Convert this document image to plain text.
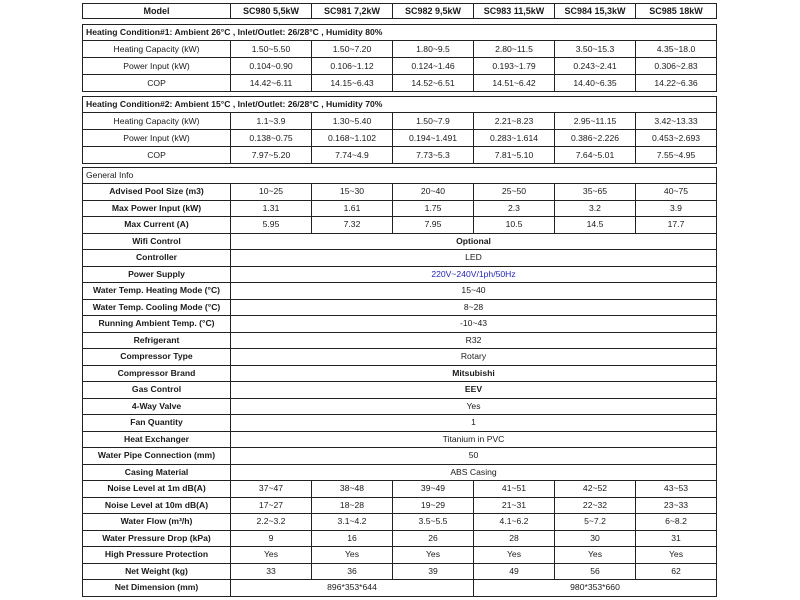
Model	SC980 5,5kW	SC981 7,2kW	SC982 9,5kW	SC983 11,5kW	SC984 15,3kW	SC985 18kW
Heating Condition#1: Ambient 26°C , Inlet/Outlet: 26/28°C , Humidity 80%						
Heating Capacity (kW)	1.50~5.50	1.50~7.20	1.80~9.5	2.80~11.5	3.50~15.3	4.35~18.0
Power Input (kW)	0.104~0.90	0.106~1.12	0.124~1.46	0.193~1.79	0.243~2.41	0.306~2.83
COP	14.42~6.11	14.15~6.43	14.52~6.51	14.51~6.42	14.40~6.35	14.22~6.36
Heating Condition#2: Ambient 15°C , Inlet/Outlet: 26/28°C , Humidity 70%						
Heating Capacity (kW)	1.1~3.9	1.30~5.40	1.50~7.9	2.21~8.23	2.95~11.15	3.42~13.33
Power Input (kW)	0.138~0.75	0.168~1.102	0.194~1.491	0.283~1.614	0.386~2.226	0.453~2.693
COP	7.97~5.20	7.74~4.9	7.73~5.3	7.81~5.10	7.64~5.01	7.55~4.95
General Info						
Advised Pool Size (m3)	10~25	15~30	20~40	25~50	35~65	40~75
Max Power Input (kW)	1.31	1.61	1.75	2.3	3.2	3.9
Max Current (A)	5.95	7.32	7.95	10.5	14.5	17.7
Wifi Control	Optional					
Controller	LED					
Power Supply	220V~240V/1ph/50Hz					
Water Temp. Heating Mode (°C)	15~40					
Water Temp. Cooling Mode (°C)	8~28					
Running Ambient Temp. (°C)	-10~43					
Refrigerant	R32					
Compressor Type	Rotary					
Compressor Brand	Mitsubishi					
Gas Control	EEV					
4-Way Valve	Yes					
Fan Quantity	1					
Heat Exchanger	Titanium in PVC					
Water Pipe Connection (mm)	50					
Casing Material	ABS Casing					
Noise Level at 1m dB(A)	37~47	38~48	39~49	41~51	42~52	43~53
Noise Level at 10m dB(A)	17~27	18~28	19~29	21~31	22~32	23~33
Water Flow (m³/h)	2.2~3.2	3.1~4.2	3.5~5.5	4.1~6.2	5~7.2	6~8.2
Water Pressure Drop (kPa)	9	16	26	28	30	31
High Pressure Protection	Yes	Yes	Yes	Yes	Yes	Yes
Net Weight (kg)	33	36	39	49	56	62
Net Dimension (mm)	896*353*644			980*353*660		
